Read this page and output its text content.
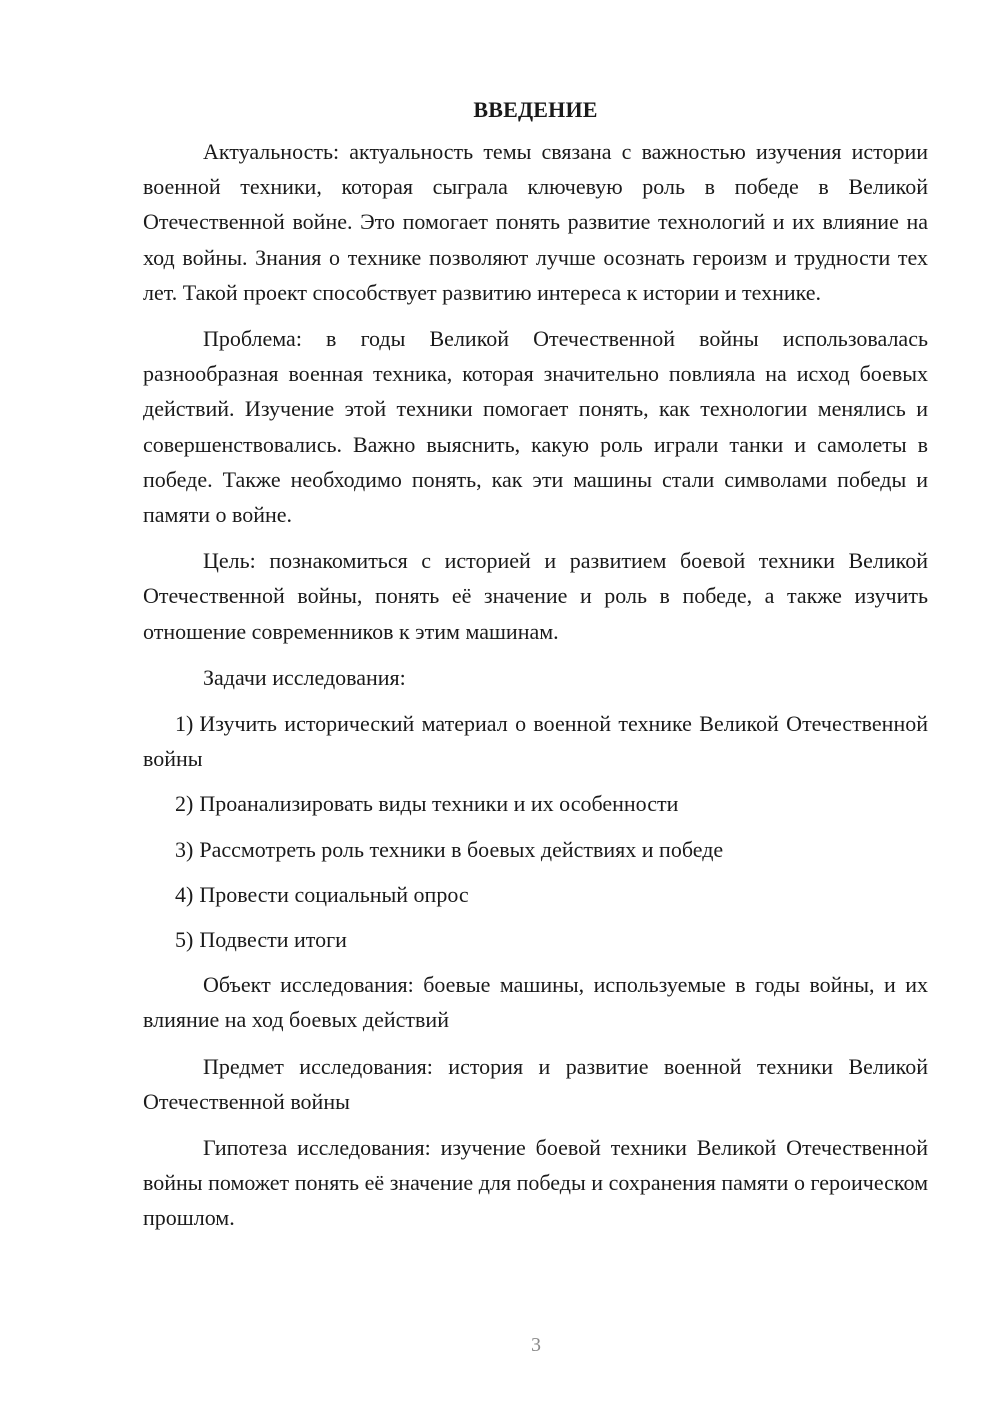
ВВЕДЕНИЕ

Актуальность: актуальность темы связана с важностью изучения истории военной техники, которая сыграла ключевую роль в победе в Великой Отечественной войне. Это помогает понять развитие технологий и их влияние на ход войны. Знания о технике позволяют лучше осознать героизм и трудности тех лет. Такой проект способствует развитию интереса к истории и технике.

Проблема: в годы Великой Отечественной войны использовалась разнообразная военная техника, которая значительно повлияла на исход боевых действий. Изучение этой техники помогает понять, как технологии менялись и совершенствовались. Важно выяснить, какую роль играли танки и самолеты в победе. Также необходимо понять, как эти машины стали символами победы и памяти о войне.

Цель: познакомиться с историей и развитием боевой техники Великой Отечественной войны, понять её значение и роль в победе, а также изучить отношение современников к этим машинам.

Задачи исследования:

1) Изучить исторический материал о военной технике Великой Отечественной войны

2) Проанализировать виды техники и их особенности

3) Рассмотреть роль техники в боевых действиях и победе

4) Провести социальный опрос

5) Подвести итоги

Объект исследования: боевые машины, используемые в годы войны, и их влияние на ход боевых действий

Предмет исследования: история и развитие военной техники Великой Отечественной войны

Гипотеза исследования: изучение боевой техники Великой Отечественной войны поможет понять её значение для победы и сохранения памяти о героическом прошлом.

3
